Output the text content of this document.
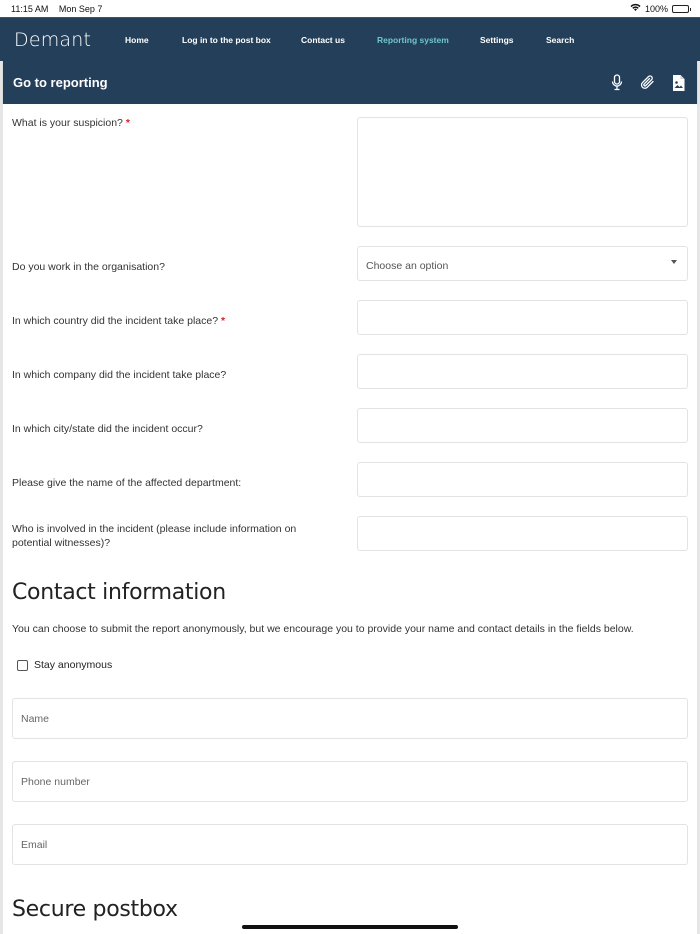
11:15 AM Mon Sep 7	100%
Demant	Home	Log in to the post box	Contact us	Reporting system	Settings	Search
Go to reporting
What is your suspicion? *
Do you work in the organisation?	Choose an option
In which country did the incident take place? *
In which company did the incident take place?
In which city/state did the incident occur?
Please give the name of the affected department:
Who is involved in the incident (please include information on potential witnesses)?
Contact information
You can choose to submit the report anonymously, but we encourage you to provide your name and contact details in the fields below.
Stay anonymous
Name
Phone number
Email
Secure postbox
